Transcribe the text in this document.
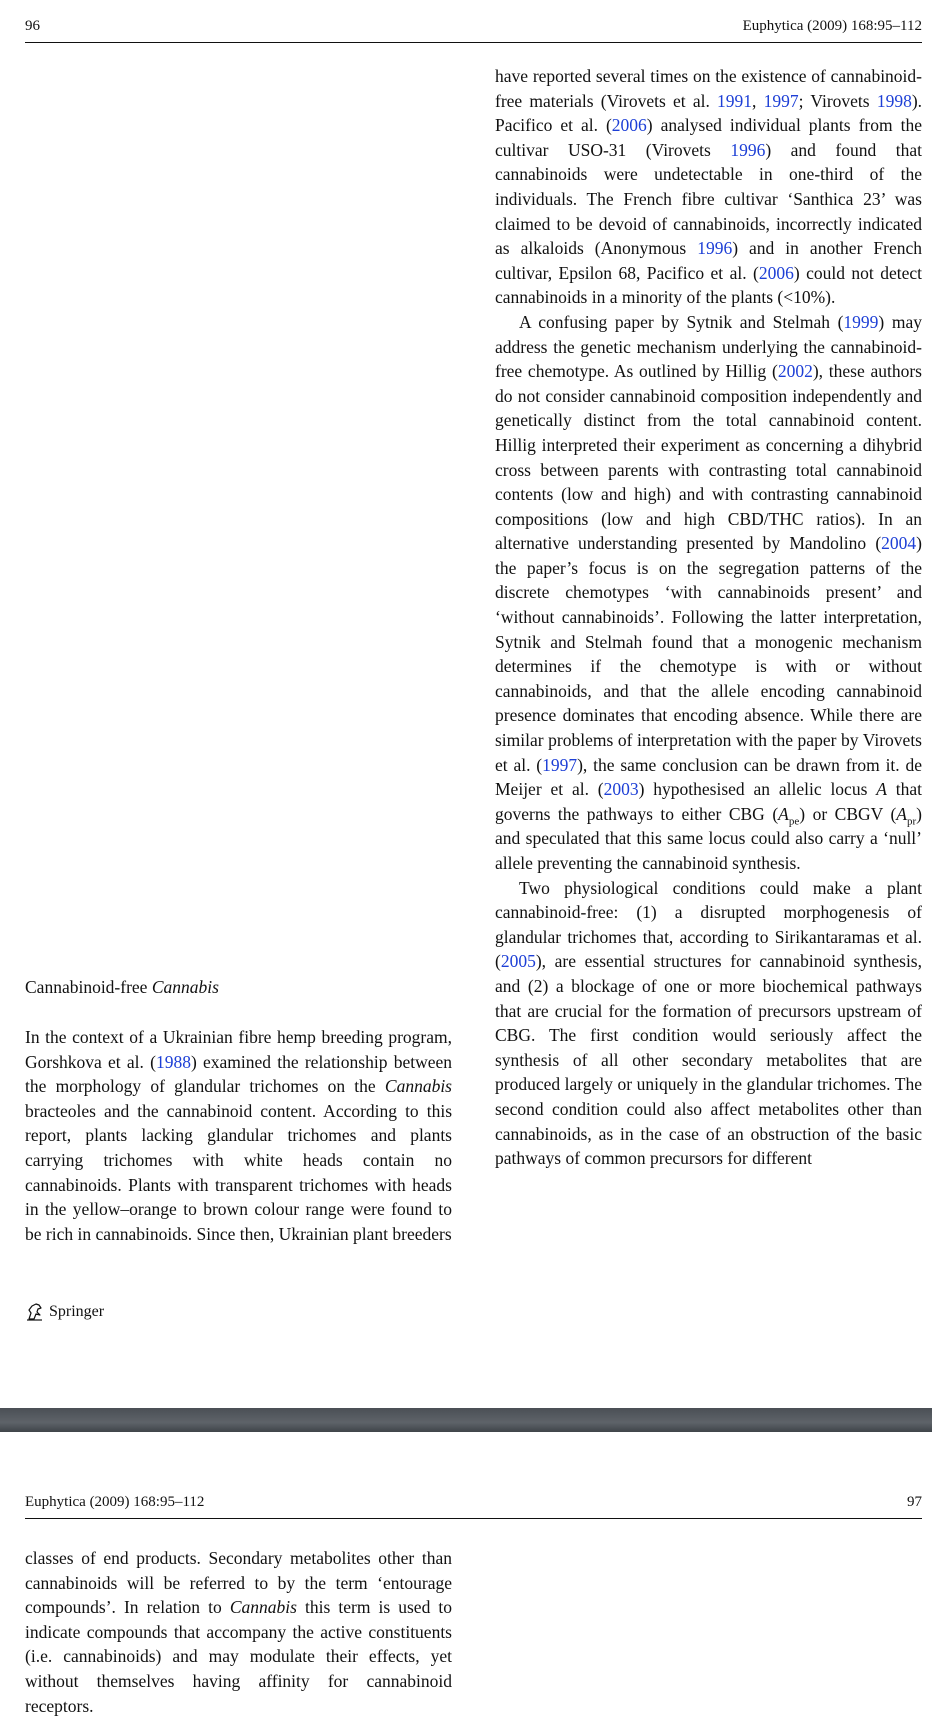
96	Euphytica (2009) 168:95–112
Cannabinoid-free Cannabis

In the context of a Ukrainian fibre hemp breeding program, Gorshkova et al. (1988) examined the relationship between the morphology of glandular trichomes on the Cannabis bracteoles and the cannabinoid content. According to this report, plants lacking glandular trichomes and plants carrying trichomes with white heads contain no cannabinoids. Plants with transparent trichomes with heads in the yellow–orange to brown colour range were found to be rich in cannabinoids. Since then, Ukrainian plant breeders

have reported several times on the existence of cannabinoid-free materials (Virovets et al. 1991, 1997; Virovets 1998). Pacifico et al. (2006) analysed individual plants from the cultivar USO-31 (Virovets 1996) and found that cannabinoids were undetectable in one-third of the individuals. The French fibre cultivar ‘Santhica 23’ was claimed to be devoid of cannabinoids, incorrectly indicated as alkaloids (Anonymous 1996) and in another French cultivar, Epsilon 68, Pacifico et al. (2006) could not detect cannabinoids in a minority of the plants (<10%).

A confusing paper by Sytnik and Stelmah (1999) may address the genetic mechanism underlying the cannabinoid-free chemotype. As outlined by Hillig (2002), these authors do not consider cannabinoid composition independently and genetically distinct from the total cannabinoid content. Hillig interpreted their experiment as concerning a dihybrid cross between parents with contrasting total cannabinoid contents (low and high) and with contrasting cannabinoid compositions (low and high CBD/THC ratios). In an alternative understanding presented by Mandolino (2004) the paper’s focus is on the segregation patterns of the discrete chemotypes ‘with cannabinoids present’ and ‘without cannabinoids’. Following the latter interpretation, Sytnik and Stelmah found that a monogenic mechanism determines if the chemotype is with or without cannabinoids, and that the allele encoding cannabinoid presence dominates that encoding absence. While there are similar problems of interpretation with the paper by Virovets et al. (1997), the same conclusion can be drawn from it. de Meijer et al. (2003) hypothesised an allelic locus A that governs the pathways to either CBG $(A_{pe})$ or CBGV $(A_{pr})$ and speculated that this same locus could also carry a ‘null’ allele preventing the cannabinoid synthesis.

Two physiological conditions could make a plant cannabinoid-free: (1) a disrupted morphogenesis of glandular trichomes that, according to Sirikantaramas et al. (2005), are essential structures for cannabinoid synthesis, and (2) a blockage of one or more biochemical pathways that are crucial for the formation of precursors upstream of CBG. The first condition would seriously affect the synthesis of all other secondary metabolites that are produced largely or uniquely in the glandular trichomes. The second condition could also affect metabolites other than cannabinoids, as in the case of an obstruction of the basic pathways of common precursors for different

Springer
Euphytica (2009) 168:95–112	97

classes of end products. Secondary metabolites other than cannabinoids will be referred to by the term ‘entourage compounds’. In relation to Cannabis this term is used to indicate compounds that accompany the active constituents (i.e. cannabinoids) and may modulate their effects, yet without themselves having affinity for cannabinoid receptors.
